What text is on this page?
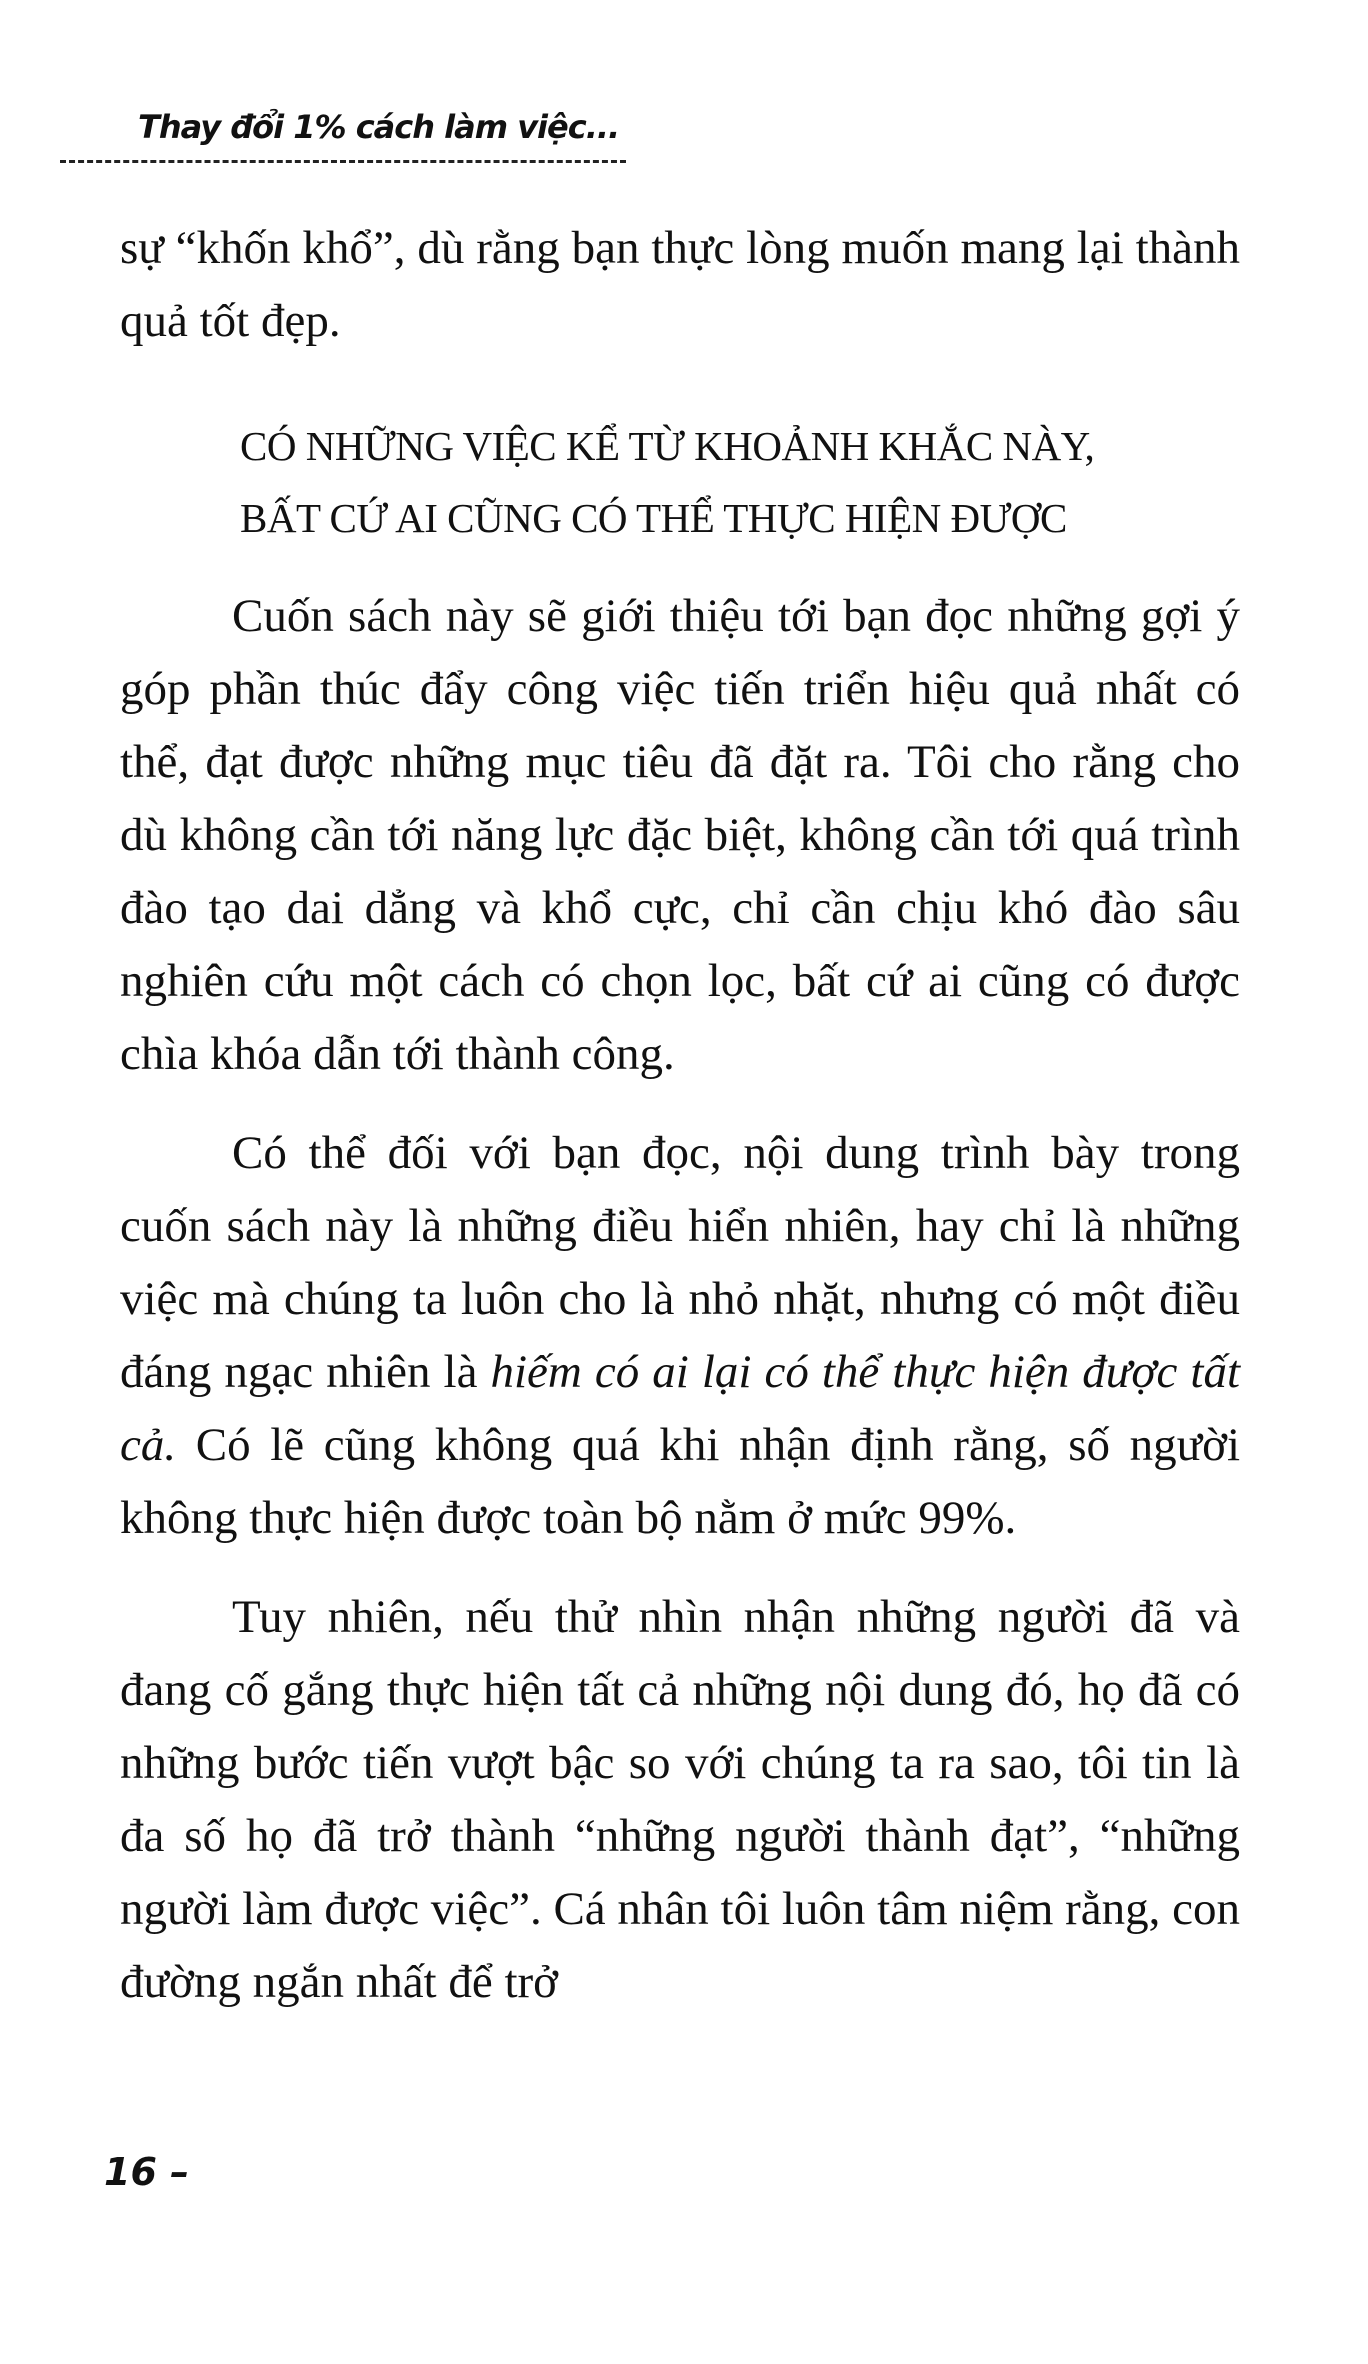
Thay đổi 1% cách làm việc...

sự “khốn khổ”, dù rằng bạn thực lòng muốn mang lại thành quả tốt đẹp.

CÓ NHỮNG VIỆC KỂ TỪ KHOẢNH KHẮC NÀY,
BẤT CỨ AI CŨNG CÓ THỂ THỰC HIỆN ĐƯỢC

Cuốn sách này sẽ giới thiệu tới bạn đọc những gợi ý góp phần thúc đẩy công việc tiến triển hiệu quả nhất có thể, đạt được những mục tiêu đã đặt ra. Tôi cho rằng cho dù không cần tới năng lực đặc biệt, không cần tới quá trình đào tạo dai dẳng và khổ cực, chỉ cần chịu khó đào sâu nghiên cứu một cách có chọn lọc, bất cứ ai cũng có được chìa khóa dẫn tới thành công.

Có thể đối với bạn đọc, nội dung trình bày trong cuốn sách này là những điều hiển nhiên, hay chỉ là những việc mà chúng ta luôn cho là nhỏ nhặt, nhưng có một điều đáng ngạc nhiên là hiếm có ai lại có thể thực hiện được tất cả. Có lẽ cũng không quá khi nhận định rằng, số người không thực hiện được toàn bộ nằm ở mức 99%.

Tuy nhiên, nếu thử nhìn nhận những người đã và đang cố gắng thực hiện tất cả những nội dung đó, họ đã có những bước tiến vượt bậc so với chúng ta ra sao, tôi tin là đa số họ đã trở thành “những người thành đạt”, “những người làm được việc”. Cá nhân tôi luôn tâm niệm rằng, con đường ngắn nhất để trở

16 –
